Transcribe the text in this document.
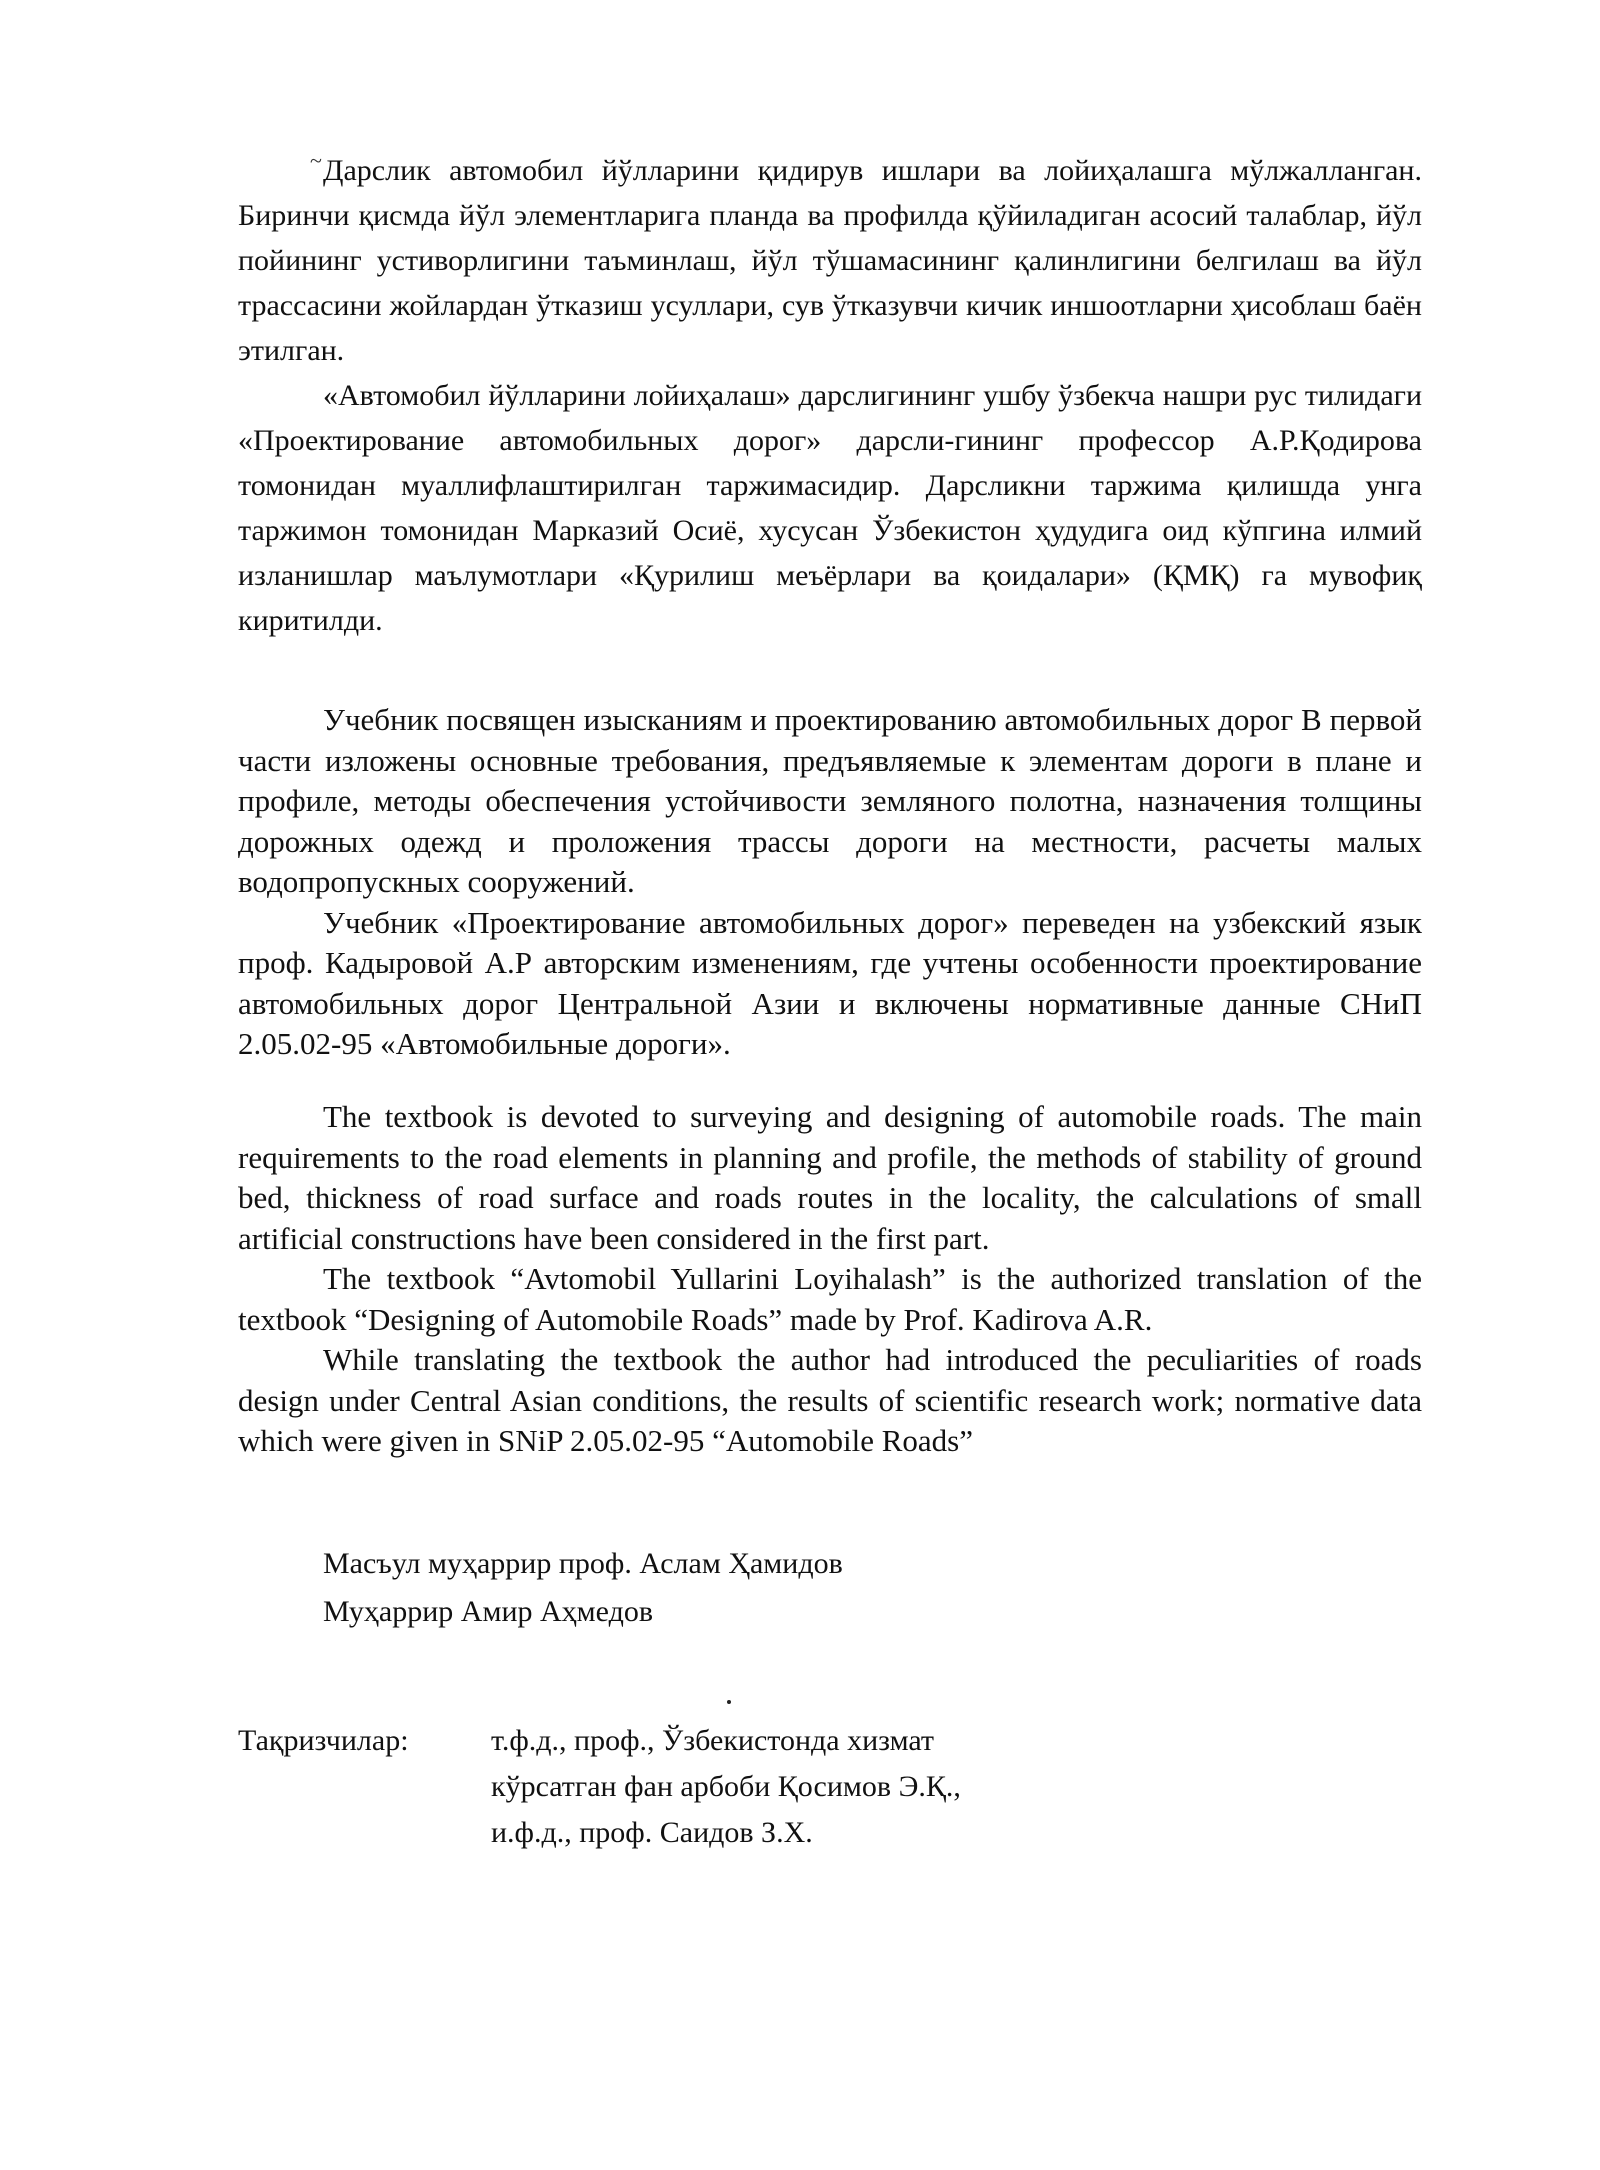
~ Дарслик автомобил йўлларини қидирув ишлари ва лойиҳалашга мўлжалланган. Биринчи қисмда йўл элементларига планда ва профилда қўйиладиган асосий талаблар, йўл пойининг устиворлигини таъминлаш, йўл тўшамасининг қалинлигини белгилаш ва йўл трассасини жойлардан ўтказиш усуллари, сув ўтказувчи кичик иншоотларни ҳисоблаш баён этилган.

«Автомобил йўлларини лойиҳалаш» дарслигининг ушбу ўзбекча нашри рус тилидаги «Проектирование автомобильных дорог» дарсли-гининг профессор А.Р.Қодирова томонидан муаллифлаштирилган таржимасидир. Дарсликни таржима қилишда унга таржимон томонидан Марказий Осиё, хусусан Ўзбекистон ҳудудига оид кўпгина илмий изланишлар маълумотлари «Қурилиш меъёрлари ва қоидалари» (ҚМҚ) га мувофиқ киритилди.

Учебник посвящен изысканиям и проектированию автомобильных дорог В первой части изложены основные требования, предъявляемые к элементам дороги в плане и профиле, методы обеспечения устойчивости земляного полотна, назначения толщины дорожных одежд и проложения трассы дороги на местности, расчеты малых водопропускных сооружений.

Учебник «Проектирование автомобильных дорог» переведен на узбекский язык проф. Кадыровой А.Р авторским изменениям, где учтены особенности проектирование автомобильных дорог Центральной Азии и включены нормативные данные СНиП 2.05.02-95 «Автомобильные дороги».

The textbook is devoted to surveying and designing of automobile roads. The main requirements to the road elements in planning and profile, the methods of stability of ground bed, thickness of road surface and roads routes in the locality, the calculations of small artificial constructions have been considered in the first part.

The textbook “Avtomobil Yullarini Loyihalash” is the authorized translation of the textbook “Designing of Automobile Roads” made by Prof. Kadirova A.R.

While translating the textbook the author had introduced the peculiarities of roads design under Central Asian conditions, the results of scientific research work; normative data which were given in SNiP 2.05.02-95 “Automobile Roads”

Масъул муҳаррир проф. Аслам Ҳамидов
Муҳаррир Амир Аҳмедов
Тақризчилар:	т.ф.д., проф., Ўзбекистонда хизмат
кўрсатган фан арбоби Қосимов Э.Қ.,
и.ф.д., проф. Саидов З.Х.
